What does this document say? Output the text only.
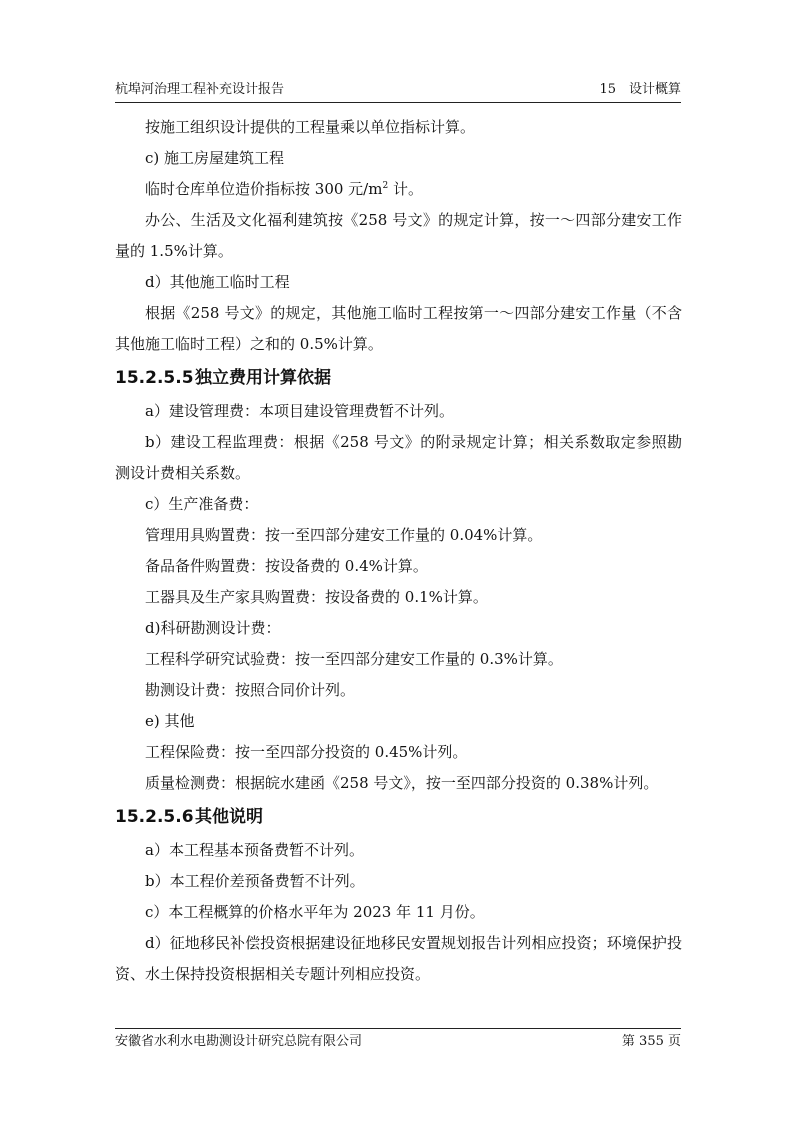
杭埠河治理工程补充设计报告	15　设计概算

按施工组织设计提供的工程量乘以单位指标计算。

c) 施工房屋建筑工程

临时仓库单位造价指标按 300 元$/m^2$ 计。

办公、生活及文化福利建筑按《258 号文》的规定计算，按一～四部分建安工作量的 1.5%计算。

d）其他施工临时工程

根据《258 号文》的规定，其他施工临时工程按第一～四部分建安工作量（不含其他施工临时工程）之和的 0.5%计算。

15.2.5.5独立费用计算依据

a）建设管理费：本项目建设管理费暂不计列。

b）建设工程监理费：根据《258 号文》的附录规定计算；相关系数取定参照勘测设计费相关系数。

c）生产准备费：

管理用具购置费：按一至四部分建安工作量的 0.04%计算。

备品备件购置费：按设备费的 0.4%计算。

工器具及生产家具购置费：按设备费的 0.1%计算。

d)科研勘测设计费：

工程科学研究试验费：按一至四部分建安工作量的 0.3%计算。

勘测设计费：按照合同价计列。

e) 其他

工程保险费：按一至四部分投资的 0.45%计列。

质量检测费：根据皖水建函《258 号文》，按一至四部分投资的 0.38%计列。

15.2.5.6其他说明

a）本工程基本预备费暂不计列。

b）本工程价差预备费暂不计列。

c）本工程概算的价格水平年为 2023 年 11 月份。

d）征地移民补偿投资根据建设征地移民安置规划报告计列相应投资；环境保护投资、水土保持投资根据相关专题计列相应投资。

安徽省水利水电勘测设计研究总院有限公司	第 355 页
